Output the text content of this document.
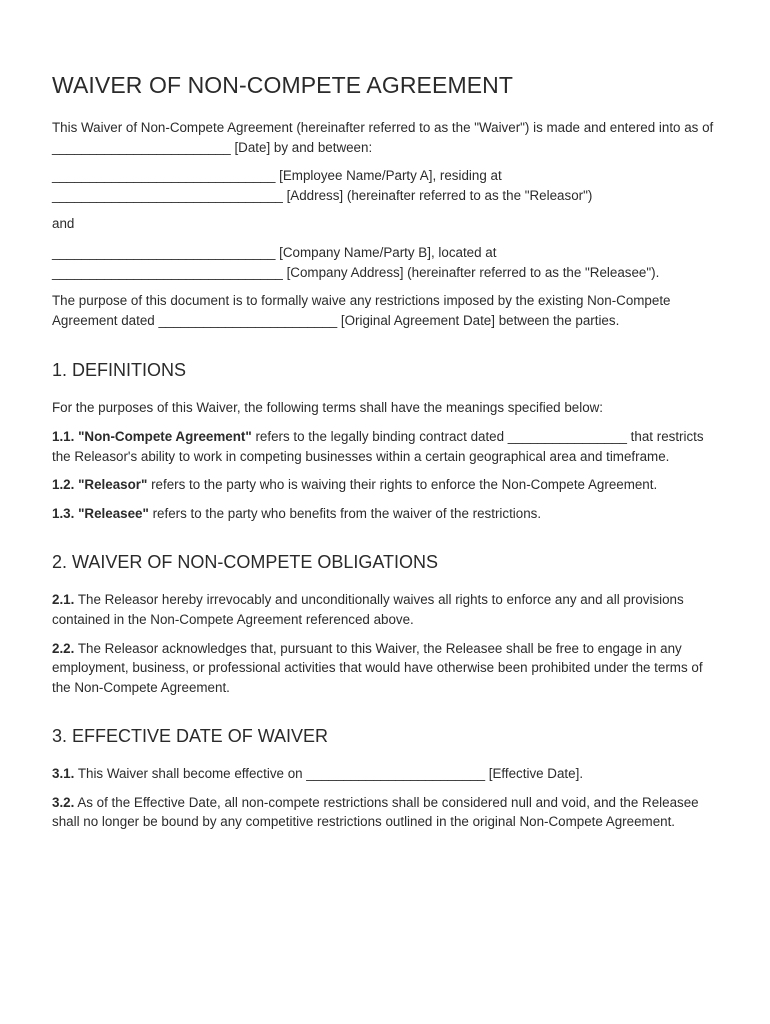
WAIVER OF NON-COMPETE AGREEMENT

This Waiver of Non-Compete Agreement (hereinafter referred to as the "Waiver") is made and entered into as of ________________________ [Date] by and between:

______________________________ [Employee Name/Party A], residing at _______________________________ [Address] (hereinafter referred to as the "Releasor")

and

______________________________ [Company Name/Party B], located at _______________________________ [Company Address] (hereinafter referred to as the "Releasee").

The purpose of this document is to formally waive any restrictions imposed by the existing Non-Compete Agreement dated ________________________ [Original Agreement Date] between the parties.

1. DEFINITIONS

For the purposes of this Waiver, the following terms shall have the meanings specified below:

1.1. "Non-Compete Agreement" refers to the legally binding contract dated ________________ that restricts the Releasor's ability to work in competing businesses within a certain geographical area and timeframe.

1.2. "Releasor" refers to the party who is waiving their rights to enforce the Non-Compete Agreement.

1.3. "Releasee" refers to the party who benefits from the waiver of the restrictions.

2. WAIVER OF NON-COMPETE OBLIGATIONS

2.1. The Releasor hereby irrevocably and unconditionally waives all rights to enforce any and all provisions contained in the Non-Compete Agreement referenced above.

2.2. The Releasor acknowledges that, pursuant to this Waiver, the Releasee shall be free to engage in any employment, business, or professional activities that would have otherwise been prohibited under the terms of the Non-Compete Agreement.

3. EFFECTIVE DATE OF WAIVER

3.1. This Waiver shall become effective on ________________________ [Effective Date].

3.2. As of the Effective Date, all non-compete restrictions shall be considered null and void, and the Releasee shall no longer be bound by any competitive restrictions outlined in the original Non-Compete Agreement.
